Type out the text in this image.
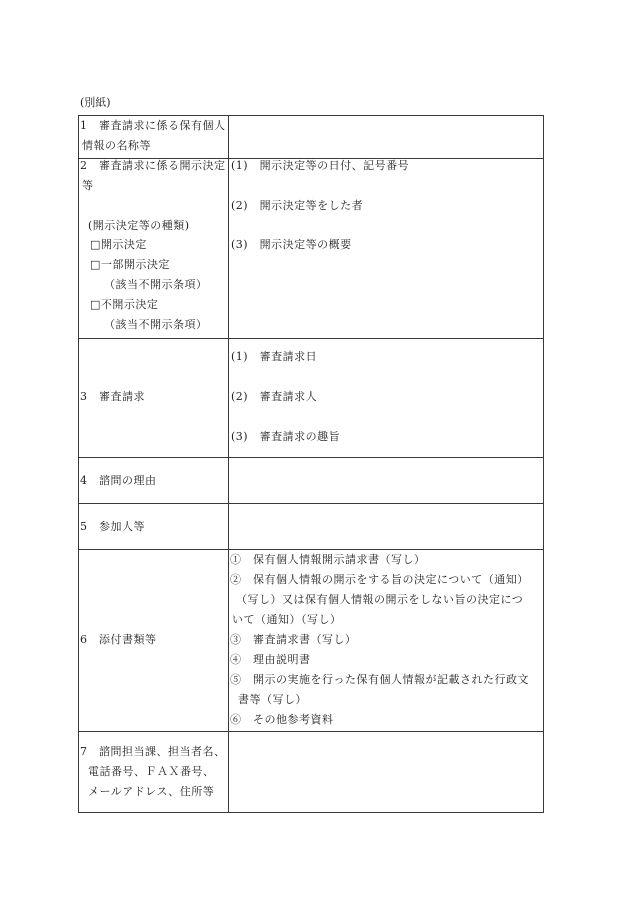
(別紙)
1　審査請求に係る保有個人
情報の名称等
2　審査請求に係る開示決定
等
(開示決定等の種類)
□開示決定
□一部開示決定
（該当不開示条項）
□不開示決定
（該当不開示条項）
(1)　開示決定等の日付、記号番号
(2)　開示決定等をした者
(3)　開示決定等の概要
3　審査請求
(1)　審査請求日
(2)　審査請求人
(3)　審査請求の趣旨
4　諮問の理由
5　参加人等
6　添付書類等
①　保有個人情報開示請求書（写し）
②　保有個人情報の開示をする旨の決定について（通知）
（写し）又は保有個人情報の開示をしない旨の決定につ
いて（通知）（写し）
③　審査請求書（写し）
④　理由説明書
⑤　開示の実施を行った保有個人情報が記載された行政文
書等（写し）
⑥　その他参考資料
7　諮問担当課、担当者名、
電話番号、ＦＡＸ番号、
メールアドレス、住所等
